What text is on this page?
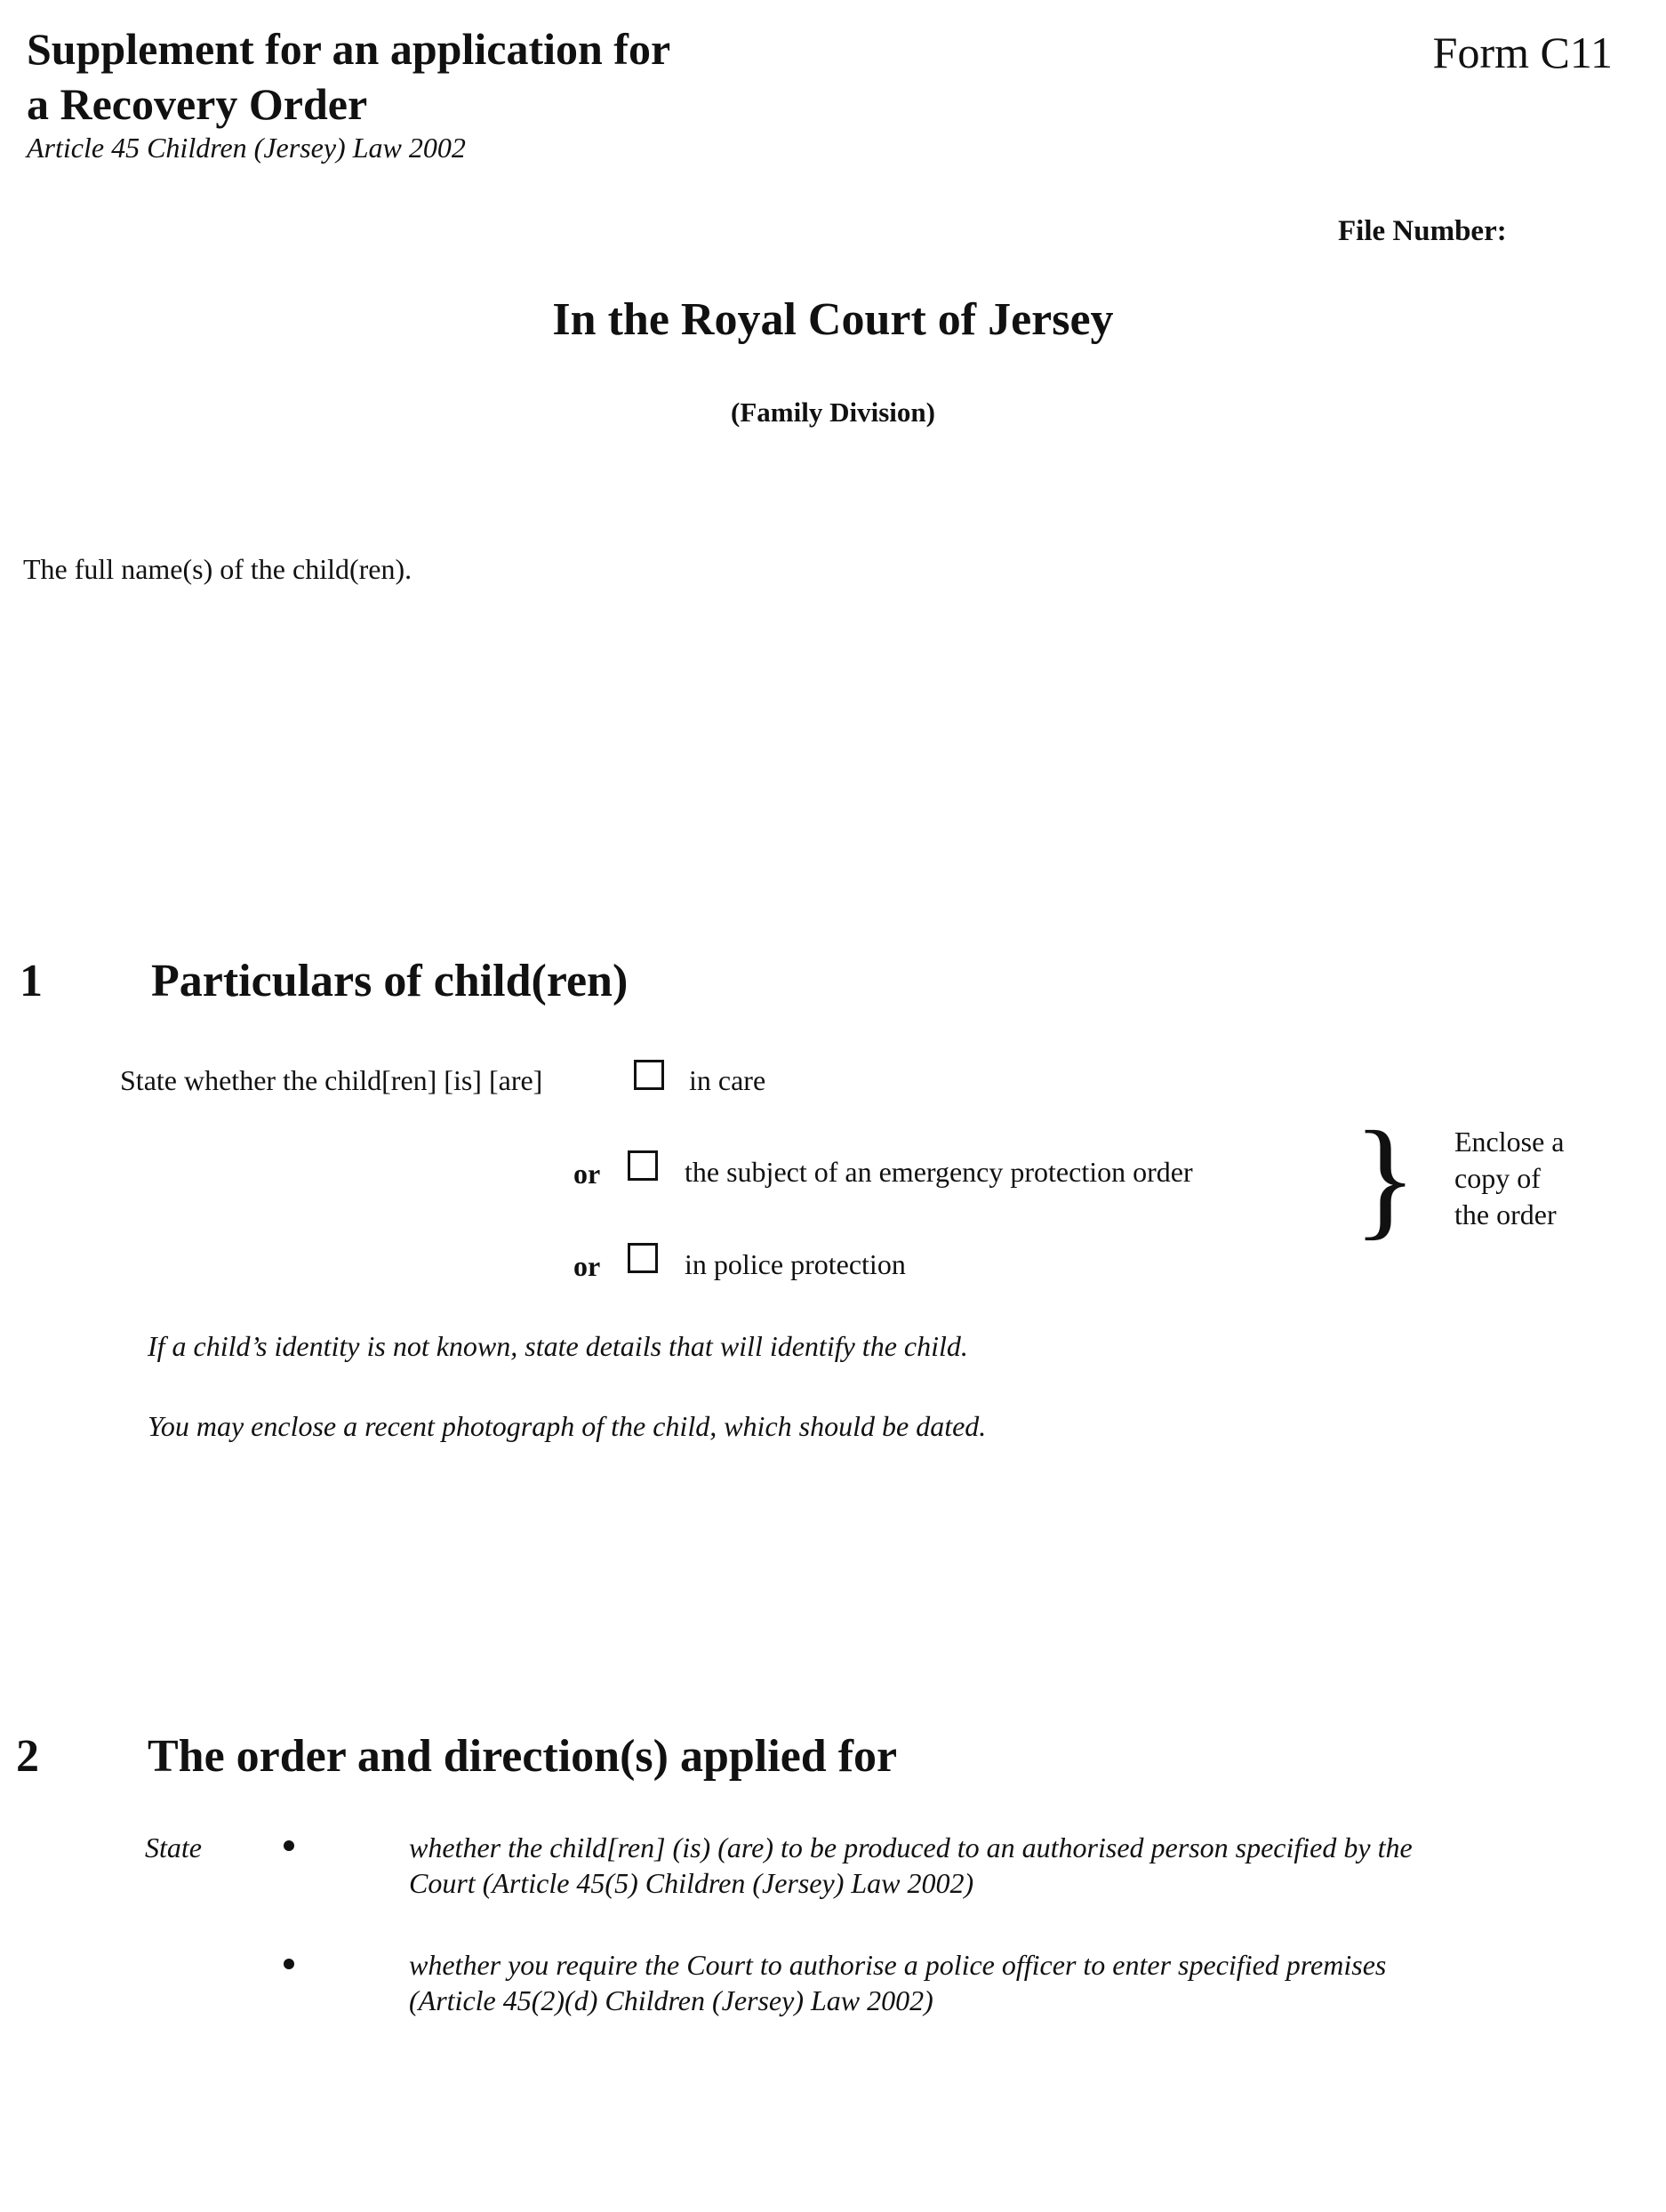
Supplement for an application for
a Recovery Order
Article 45 Children (Jersey) Law 2002
Form C11
File Number:
In the Royal Court of Jersey
(Family Division)
The full name(s) of the child(ren).
1 Particulars of child(ren)
State whether the child[ren] [is] [are]	in care
or	the subject of an emergency protection order
or	in police protection
} Enclose a
copy of
the order
If a child’s identity is not known, state details that will identify the child.
You may enclose a recent photograph of the child, which should be dated.
2 The order and direction(s) applied for
State	whether the child[ren] (is) (are) to be produced to an authorised person specified by the
Court (Article 45(5) Children (Jersey) Law 2002)
whether you require the Court to authorise a police officer to enter specified premises
(Article 45(2)(d) Children (Jersey) Law 2002)
